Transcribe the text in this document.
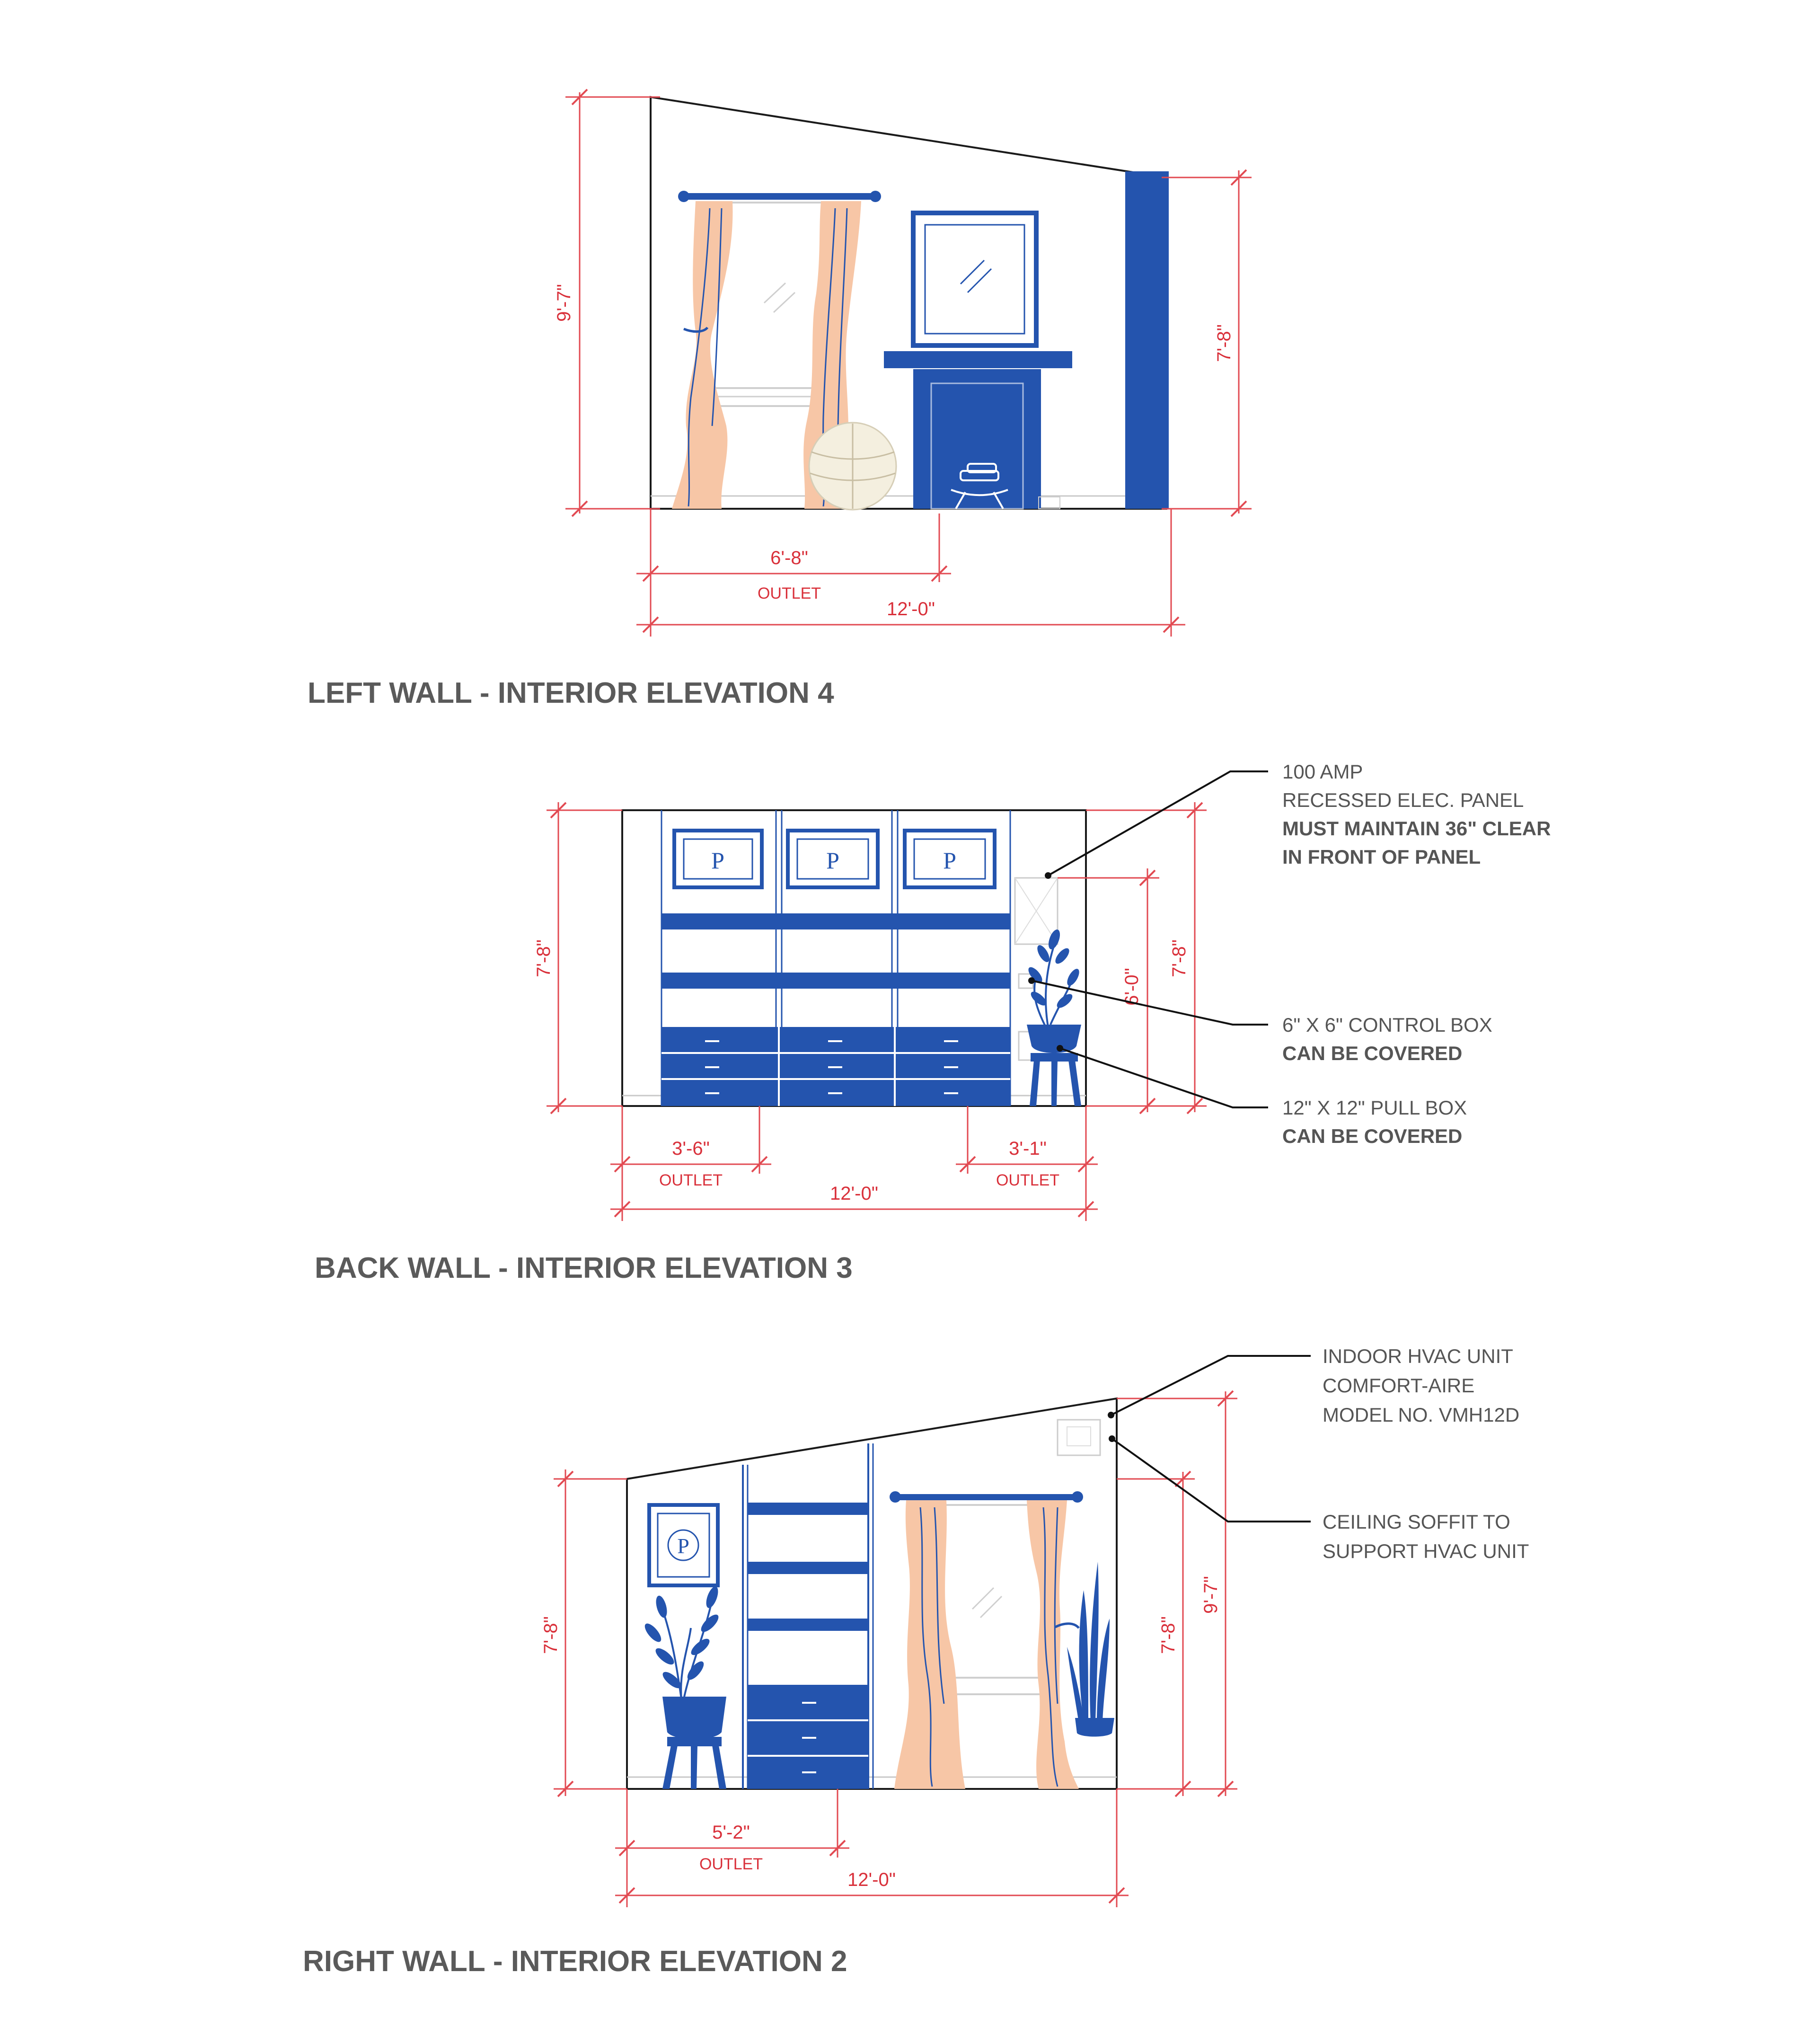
9'-7"
7'-8"
6'-8"
OUTLET
12'-0"
LEFT WALL - INTERIOR ELEVATION 4
P	P	P
7'-8"	7'-8"
6'-0"
3'-6"
OUTLET
3'-1"
OUTLET
12'-0"
100 AMP
RECESSED ELEC. PANEL
MUST MAINTAIN 36" CLEAR
IN FRONT OF PANEL
6" X 6" CONTROL BOX
CAN BE COVERED
12" X 12" PULL BOX
CAN BE COVERED
BACK WALL - INTERIOR ELEVATION 3
P
7'-8"	7'-8"
9'-7"
5'-2"
OUTLET
12'-0"
INDOOR HVAC UNIT
COMFORT-AIRE
MODEL NO. VMH12D
CEILING SOFFIT TO
SUPPORT HVAC UNIT
RIGHT WALL - INTERIOR ELEVATION 2
